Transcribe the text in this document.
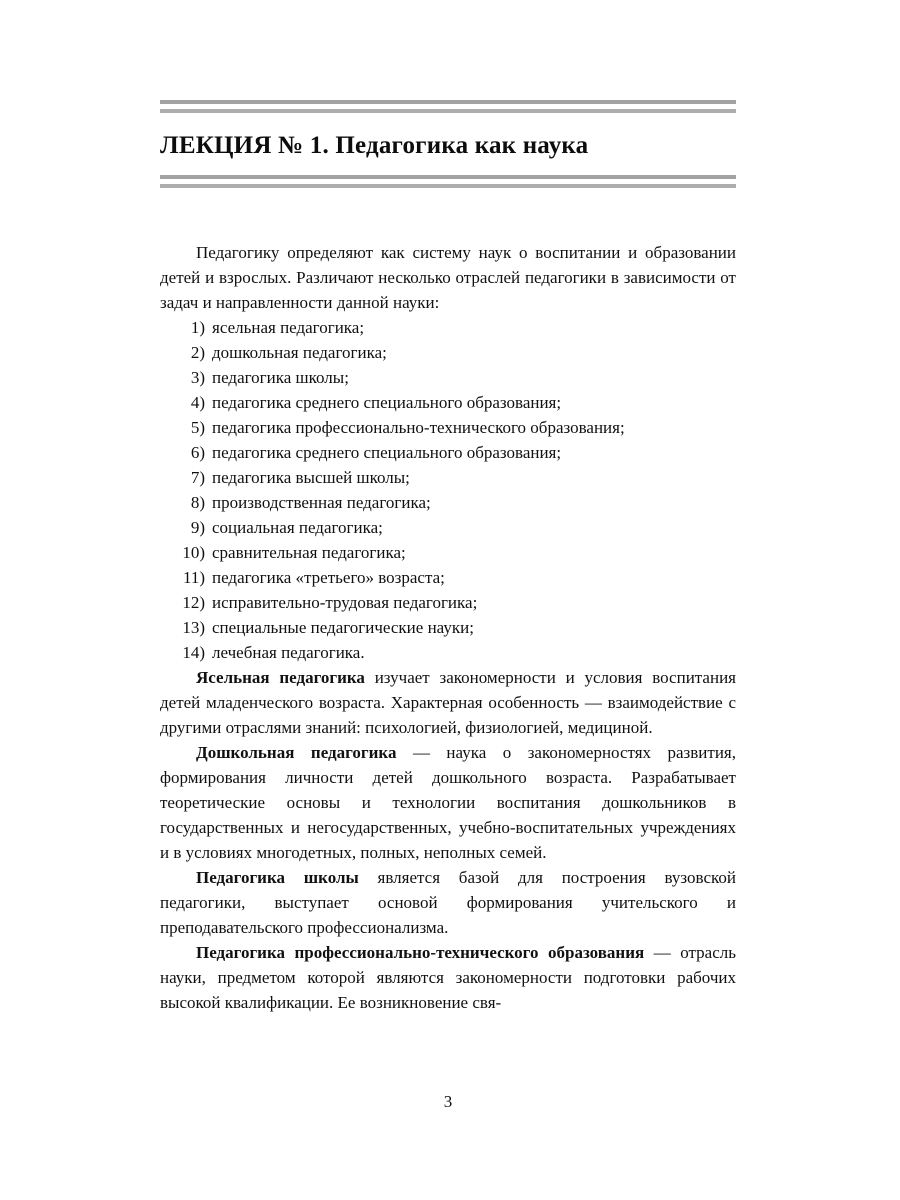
ЛЕКЦИЯ № 1. Педагогика как наука

Педагогику определяют как систему наук о воспитании и образовании детей и взрослых. Различают несколько отраслей педагогики в зависимости от задач и направленности данной науки:

1) ясельная педагогика;
2) дошкольная педагогика;
3) педагогика школы;
4) педагогика среднего специального образования;
5) педагогика профессионально-технического образования;
6) педагогика среднего специального образования;
7) педагогика высшей школы;
8) производственная педагогика;
9) социальная педагогика;
10) сравнительная педагогика;
11) педагогика «третьего» возраста;
12) исправительно-трудовая педагогика;
13) специальные педагогические науки;
14) лечебная педагогика.

Ясельная педагогика изучает закономерности и условия воспитания детей младенческого возраста. Характерная особенность — взаимодействие с другими отраслями знаний: психологией, физиологией, медициной.

Дошкольная педагогика — наука о закономерностях развития, формирования личности детей дошкольного возраста. Разрабатывает теоретические основы и технологии воспитания дошкольников в государственных и негосударственных, учебно-воспитательных учреждениях и в условиях многодетных, полных, неполных семей.

Педагогика школы является базой для построения вузовской педагогики, выступает основой формирования учительского и преподавательского профессионализма.

Педагогика профессионально-технического образования — отрасль науки, предметом которой являются закономерности подготовки рабочих высокой квалификации. Ее возникновение свя-

3
